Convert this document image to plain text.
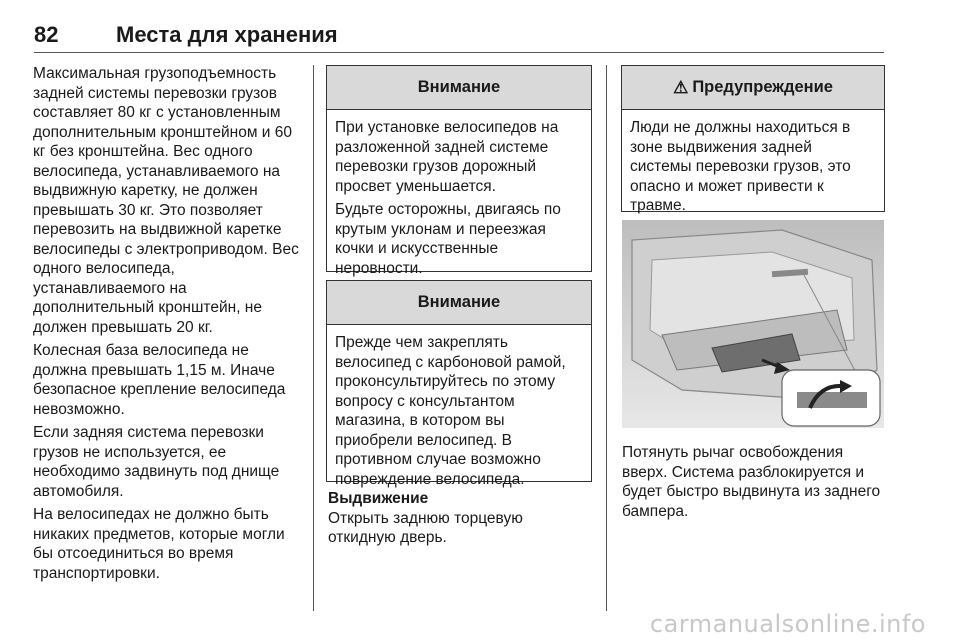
82	Места для хранения

Максимальная грузоподъемность задней системы перевозки грузов составляет 80 кг с установленным дополнительным кронштейном и 60 кг без кронштейна. Вес одного велосипеда, устанавливаемого на выдвижную каретку, не должен превышать 30 кг. Это позволяет перевозить на выдвижной каретке велосипеды с электроприводом. Вес одного велосипеда, устанавливаемого на дополнительный кронштейн, не должен превышать 20 кг.

Колесная база велосипеда не должна превышать 1,15 м. Иначе безопасное крепление велосипеда невозможно.

Если задняя система перевозки грузов не используется, ее необходимо задвинуть под днище автомобиля.

На велосипедах не должно быть никаких предметов, которые могли бы отсоединиться во время транспортировки.

Внимание

При установке велосипедов на разложенной задней системе перевозки грузов дорожный просвет уменьшается.

Будьте осторожны, двигаясь по крутым уклонам и переезжая кочки и искусственные неровности.

Внимание

Прежде чем закреплять велосипед с карбоновой рамой, проконсультируйтесь по этому вопросу с консультантом магазина, в котором вы приобрели велосипед. В противном случае возможно повреждение велосипеда.

Выдвижение
Открыть заднюю торцевую откидную дверь.
⚠ Предупреждение

Люди не должны находиться в зоне выдвижения задней системы перевозки грузов, это опасно и может привести к травме.

Потянуть рычаг освобождения вверх. Система разблокируется и будет быстро выдвинута из заднего бампера.
carmanualsonline.info
